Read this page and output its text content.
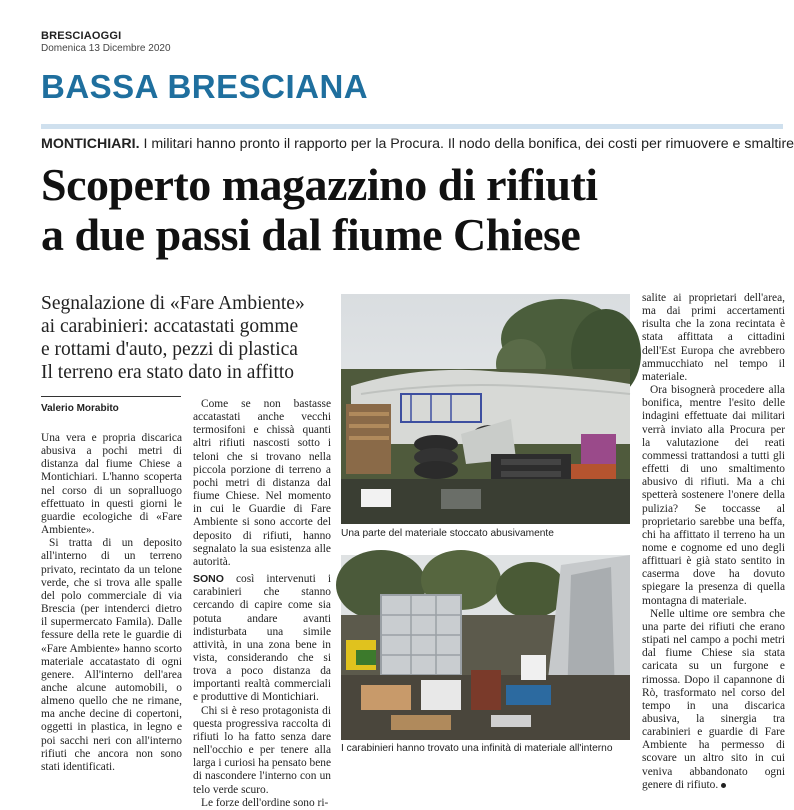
BRESCIAOGGI
Domenica 13 Dicembre 2020
BASSA BRESCIANA
MONTICHIARI. I militari hanno pronto il rapporto per la Procura. Il nodo della bonifica, dei costi per rimuovere e smaltire
Scoperto magazzino di rifiuti
a due passi dal fiume Chiese
Segnalazione di «Fare Ambiente»
ai carabinieri: accatastati gomme
e rottami d'auto, pezzi di plastica
Il terreno era stato dato in affitto
Valerio Morabito

Una vera e propria discarica abusiva a pochi metri di distanza dal fiume Chiese a Montichiari. L'hanno scoperta nel corso di un sopralluogo effettuato in questi giorni le guardie ecologiche di «Fare Ambiente».

Si tratta di un deposito all'interno di un terreno privato, recintato da un telone verde, che si trova alle spalle del polo commerciale di via Brescia (per intenderci dietro il supermercato Famila). Dalle fessure della rete le guardie di «Fare Ambiente» hanno scorto materiale accatastato di ogni genere. All'interno dell'area anche alcune automobili, o almeno quello che ne rimane, ma anche decine di copertoni, oggetti in plastica, in legno e poi sacchi neri con all'interno rifiuti che ancora non sono stati identificati.

Come se non bastasse accatastati anche vecchi termosifoni e chissà quanti altri rifiuti nascosti sotto i teloni che si trovano nella piccola porzione di terreno a pochi metri di distanza dal fiume Chiese. Nel momento in cui le Guardie di Fare Ambiente si sono accorte del deposito di rifiuti, hanno segnalato la sua esistenza alle autorità.

SONO così intervenuti i carabinieri che stanno cercando di capire come sia potuta andare avanti indisturbata una simile attività, in una zona bene in vista, considerando che si trova a poco distanza da importanti realtà commerciali e produttive di Montichiari.

Chi si è reso protagonista di questa progressiva raccolta di rifiuti lo ha fatto senza dare nell'occhio e per tenere alla larga i curiosi ha pensato bene di nascondere l'interno con un telo verde scuro.

Le forze dell'ordine sono ri-

Una parte del materiale stoccato abusivamente
I carabinieri hanno trovato una infinità di materiale all'interno

salite ai proprietari dell'area, ma dai primi accertamenti risulta che la zona recintata è stata affittata a cittadini dell'Est Europa che avrebbero ammucchiato nel tempo il materiale.

Ora bisognerà procedere alla bonifica, mentre l'esito delle indagini effettuate dai militari verrà inviato alla Procura per la valutazione dei reati commessi trattandosi a tutti gli effetti di uno smaltimento abusivo di rifiuti. Ma a chi spetterà sostenere l'onere della pulizia? Se toccasse al proprietario sarebbe una beffa, chi ha affittato il terreno ha un nome e cognome ed uno degli affittuari è già stato sentito in caserma dove ha dovuto spiegare la presenza di quella montagna di materiale.

Nelle ultime ore sembra che una parte dei rifiuti che erano stipati nel campo a pochi metri dal fiume Chiese sia stata caricata su un furgone e rimossa. Dopo il capannone di Rò, trasformato nel corso del tempo in una discarica abusiva, la sinergia tra carabinieri e guardie di Fare Ambiente ha permesso di scovare un altro sito in cui veniva abbandonato ogni genere di rifiuto.
